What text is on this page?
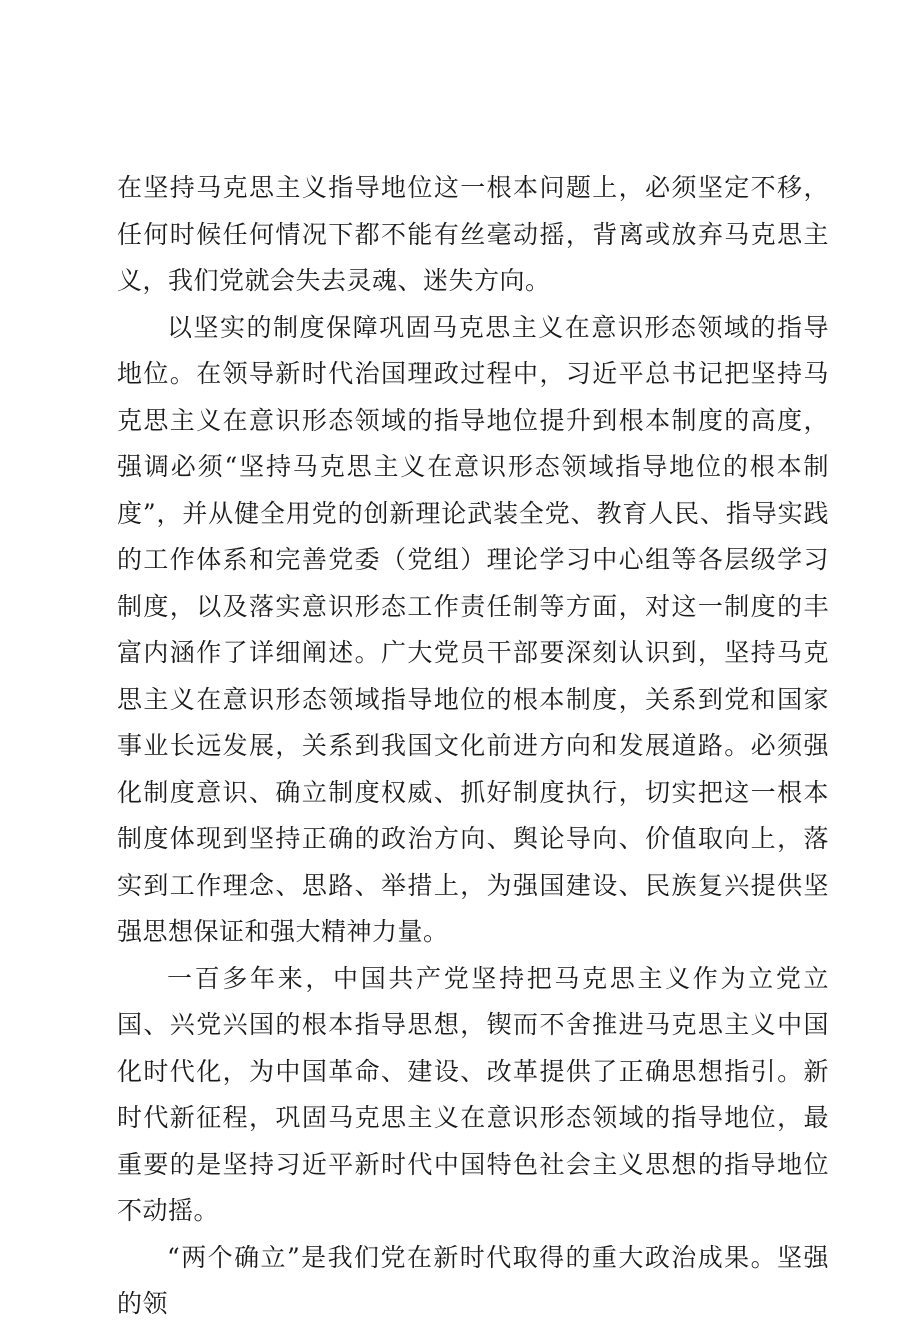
在坚持马克思主义指导地位这一根本问题上，必须坚定不移，任何时候任何情况下都不能有丝毫动摇，背离或放弃马克思主义，我们党就会失去灵魂、迷失方向。

以坚实的制度保障巩固马克思主义在意识形态领域的指导地位。在领导新时代治国理政过程中，习近平总书记把坚持马克思主义在意识形态领域的指导地位提升到根本制度的高度，强调必须“坚持马克思主义在意识形态领域指导地位的根本制度”，并从健全用党的创新理论武装全党、教育人民、指导实践的工作体系和完善党委（党组）理论学习中心组等各层级学习制度，以及落实意识形态工作责任制等方面，对这一制度的丰富内涵作了详细阐述。广大党员干部要深刻认识到，坚持马克思主义在意识形态领域指导地位的根本制度，关系到党和国家事业长远发展，关系到我国文化前进方向和发展道路。必须强化制度意识、确立制度权威、抓好制度执行，切实把这一根本制度体现到坚持正确的政治方向、舆论导向、价值取向上，落实到工作理念、思路、举措上，为强国建设、民族复兴提供坚强思想保证和强大精神力量。

一百多年来，中国共产党坚持把马克思主义作为立党立国、兴党兴国的根本指导思想，锲而不舍推进马克思主义中国化时代化，为中国革命、建设、改革提供了正确思想指引。新时代新征程，巩固马克思主义在意识形态领域的指导地位，最重要的是坚持习近平新时代中国特色社会主义思想的指导地位不动摇。

“两个确立”是我们党在新时代取得的重大政治成果。坚强的领
